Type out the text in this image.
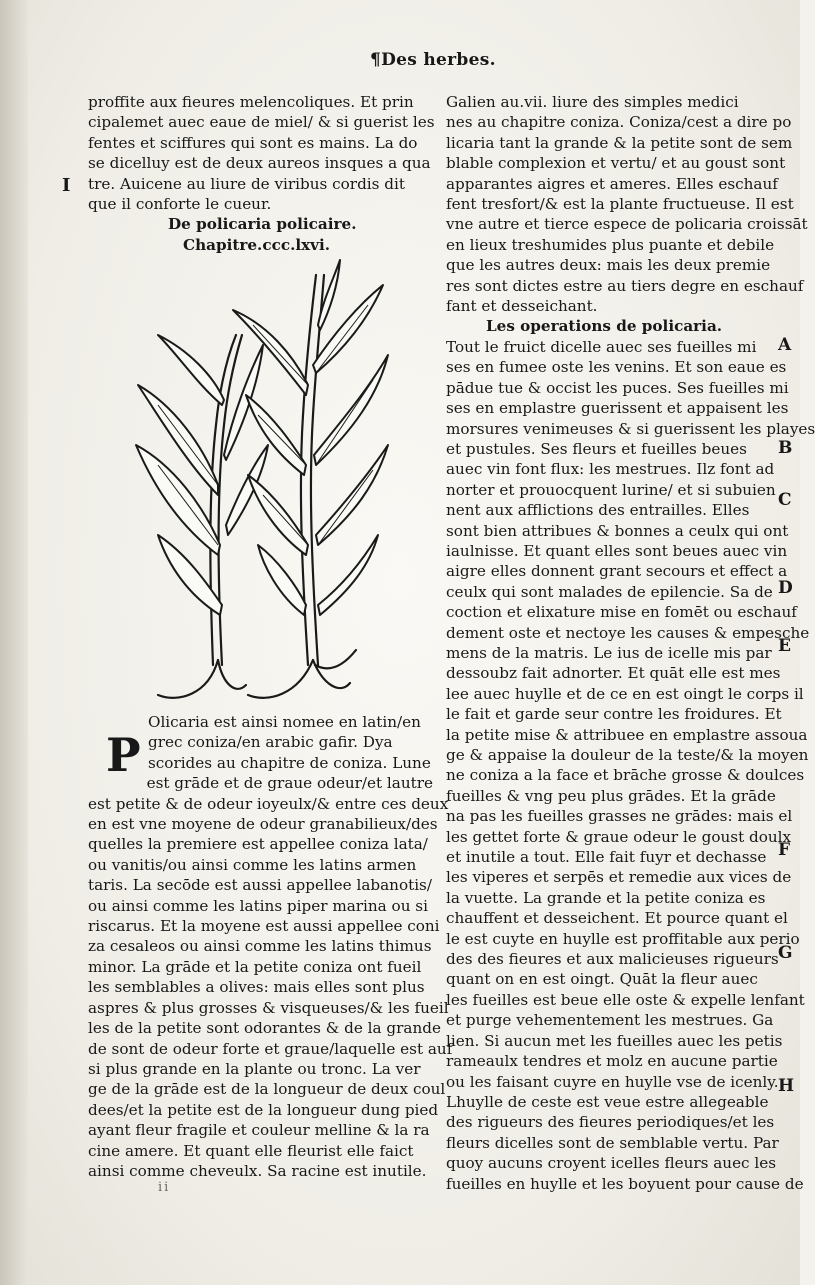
¶Des herbes.
I
proffite aux fieures melencoliques. Et prin
cipalemet auec eaue de miel/ & si guerist les
fentes et sciffures qui sont es mains. La do
se dicelluy est de deux aureos insques a qua
tre. Auicene au liure de viribus cordis dit
que il conforte le cueur.
De policaria policaire.
Chapitre.ccc.lxvi.
P
Olicaria est ainsi nomee en latin/en
grec coniza/en arabic gafir. Dya
scorides au chapitre de coniza. Lune
est grāde et de graue odeur/et lautre
est petite & de odeur ioyeulx/& entre ces deux
en est vne moyene de odeur granabilieux/des
quelles la premiere est appellee coniza lata/
ou vanitis/ou ainsi comme les latins armen
taris. La secōde est aussi appellee labanotis/
ou ainsi comme les latins piper marina ou si
riscarus. Et la moyene est aussi appellee coni
za cesaleos ou ainsi comme les latins thimus
minor. La grāde et la petite coniza ont fueil
les semblables a olives: mais elles sont plus
aspres & plus grosses & visqueuses/& les fueil
les de la petite sont odorantes & de la grande
de sont de odeur forte et graue/laquelle est auf
si plus grande en la plante ou tronc. La ver
ge de la grāde est de la longueur de deux coul
dees/et la petite est de la longueur dung pied
ayant fleur fragile et couleur melline & la ra
cine amere. Et quant elle fleurist elle faict
ainsi comme cheveulx. Sa racine est inutile.
Galien au.vii. liure des simples medici
nes au chapitre coniza. Coniza/cest a dire po
licaria tant la grande & la petite sont de sem
blable complexion et vertu/ et au goust sont
apparantes aigres et ameres. Elles eschauf
fent tresfort/& est la plante fructueuse. Il est
vne autre et tierce espece de policaria croissāt
en lieux treshumides plus puante et debile
que les autres deux: mais les deux premie
res sont dictes estre au tiers degre en eschauf
fant et desseichant.
Les operations de policaria.
Tout le fruict dicelle auec ses fueilles mi
ses en fumee oste les venins. Et son eaue es
pādue tue & occist les puces. Ses fueilles mi
ses en emplastre guerissent et appaisent les
morsures venimeuses & si guerissent les playes
et pustules. Ses fleurs et fueilles beues
auec vin font flux: les mestrues. Ilz font ad
norter et prouocquent lurine/ et si subuien
nent aux afflictions des entrailles. Elles
sont bien attribues & bonnes a ceulx qui ont
iaulnisse. Et quant elles sont beues auec vin
aigre elles donnent grant secours et effect a
ceulx qui sont malades de epilencie. Sa de
coction et elixature mise en fomēt ou eschauf
dement oste et nectoye les causes & empesche
mens de la matris. Le ius de icelle mis par
dessoubz fait adnorter. Et quāt elle est mes
lee auec huylle et de ce en est oingt le corps il
le fait et garde seur contre les froidures. Et
la petite mise & attribuee en emplastre assoua
ge & appaise la douleur de la teste/& la moyen
ne coniza a la face et brāche grosse & doulces
fueilles & vng peu plus grādes. Et la grāde
na pas les fueilles grasses ne grādes: mais el
les gettet forte & graue odeur le goust doulx
et inutile a tout. Elle fait fuyr et dechasse
les viperes et serpēs et remedie aux vices de
la vuette. La grande et la petite coniza es
chauffent et desseichent. Et pource quant el
le est cuyte en huylle est proffitable aux perio
des des fieures et aux malicieuses rigueurs
quant on en est oingt. Quāt la fleur auec
les fueilles est beue elle oste & expelle lenfant
et purge vehementement les mestrues. Ga
lien. Si aucun met les fueilles auec les petis
rameaulx tendres et molz en aucune partie
ou les faisant cuyre en huylle vse de icenly.
Lhuylle de ceste est veue estre allegeable
des rigueurs des fieures periodiques/et les
fleurs dicelles sont de semblable vertu. Par
quoy aucuns croyent icelles fleurs auec les
fueilles en huylle et les boyuent pour cause de
A
B
C
D
E
F
G
H
ii
